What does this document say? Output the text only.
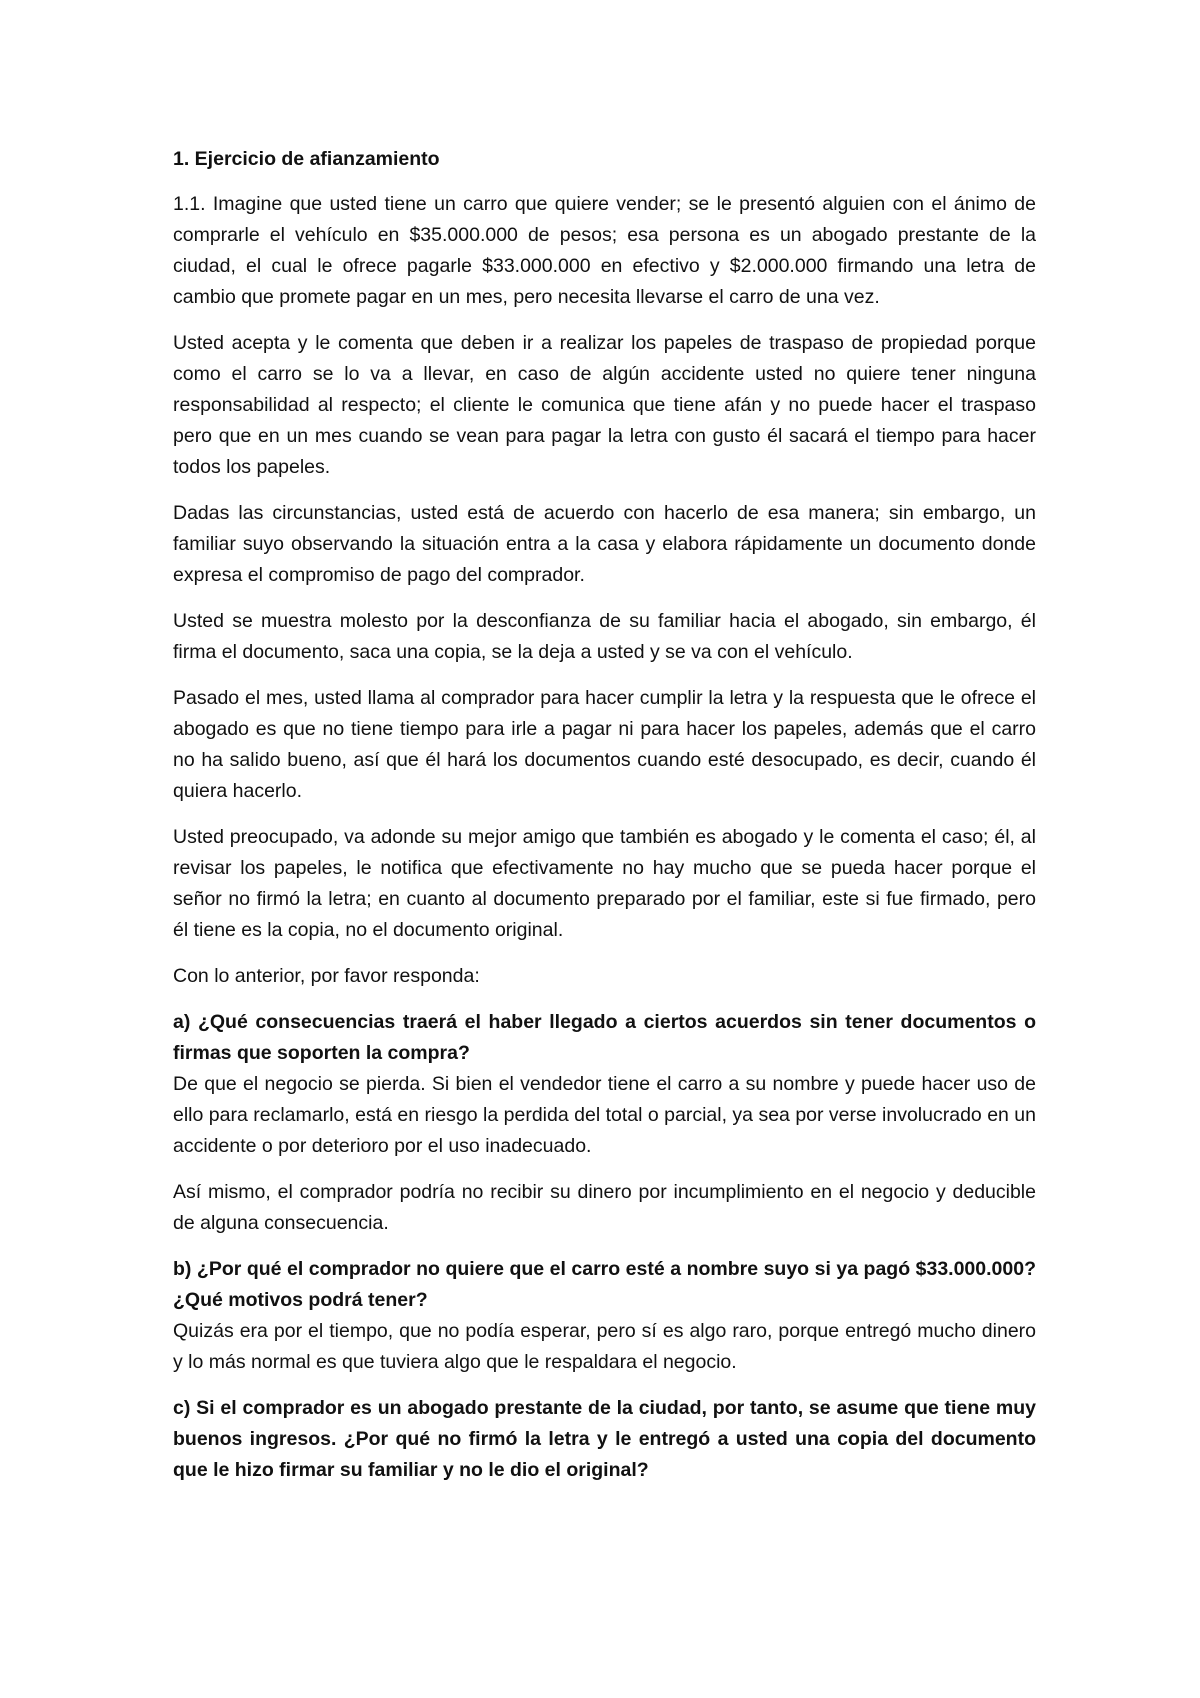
1. Ejercicio de afianzamiento

1.1. Imagine que usted tiene un carro que quiere vender; se le presentó alguien con el ánimo de comprarle el vehículo en $35.000.000 de pesos; esa persona es un abogado prestante de la ciudad, el cual le ofrece pagarle $33.000.000 en efectivo y $2.000.000 firmando una letra de cambio que promete pagar en un mes, pero necesita llevarse el carro de una vez.

Usted acepta y le comenta que deben ir a realizar los papeles de traspaso de propiedad porque como el carro se lo va a llevar, en caso de algún accidente usted no quiere tener ninguna responsabilidad al respecto; el cliente le comunica que tiene afán y no puede hacer el traspaso pero que en un mes cuando se vean para pagar la letra con gusto él sacará el tiempo para hacer todos los papeles.

Dadas las circunstancias, usted está de acuerdo con hacerlo de esa manera; sin embargo, un familiar suyo observando la situación entra a la casa y elabora rápidamente un documento donde expresa el compromiso de pago del comprador.

Usted se muestra molesto por la desconfianza de su familiar hacia el abogado, sin embargo, él firma el documento, saca una copia, se la deja a usted y se va con el vehículo.

Pasado el mes, usted llama al comprador para hacer cumplir la letra y la respuesta que le ofrece el abogado es que no tiene tiempo para irle a pagar ni para hacer los papeles, además que el carro no ha salido bueno, así que él hará los documentos cuando esté desocupado, es decir, cuando él quiera hacerlo.

Usted preocupado, va adonde su mejor amigo que también es abogado y le comenta el caso; él, al revisar los papeles, le notifica que efectivamente no hay mucho que se pueda hacer porque el señor no firmó la letra; en cuanto al documento preparado por el familiar, este si fue firmado, pero él tiene es la copia, no el documento original.

Con lo anterior, por favor responda:

a) ¿Qué consecuencias traerá el haber llegado a ciertos acuerdos sin tener documentos o firmas que soporten la compra?
De que el negocio se pierda. Si bien el vendedor tiene el carro a su nombre y puede hacer uso de ello para reclamarlo, está en riesgo la perdida del total o parcial, ya sea por verse involucrado en un accidente o por deterioro por el uso inadecuado.

Así mismo, el comprador podría no recibir su dinero por incumplimiento en el negocio y deducible de alguna consecuencia.

b) ¿Por qué el comprador no quiere que el carro esté a nombre suyo si ya pagó $33.000.000? ¿Qué motivos podrá tener?
Quizás era por el tiempo, que no podía esperar, pero sí es algo raro, porque entregó mucho dinero y lo más normal es que tuviera algo que le respaldara el negocio.

c) Si el comprador es un abogado prestante de la ciudad, por tanto, se asume que tiene muy buenos ingresos. ¿Por qué no firmó la letra y le entregó a usted una copia del documento que le hizo firmar su familiar y no le dio el original?
